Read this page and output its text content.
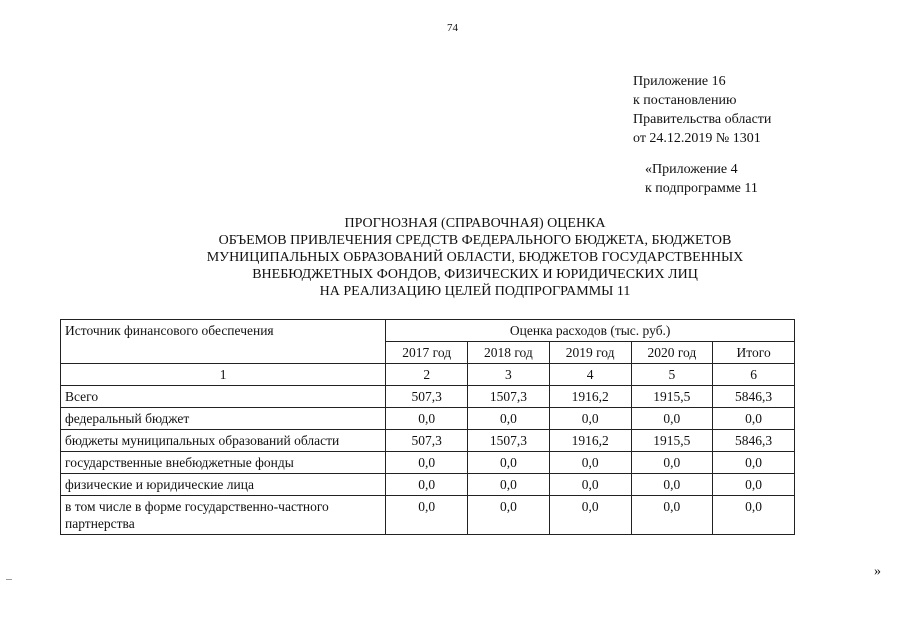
74
Приложение 16
к постановлению
Правительства области
от 24.12.2019 № 1301
«Приложение 4
к подпрограмме 11
ПРОГНОЗНАЯ (СПРАВОЧНАЯ) ОЦЕНКА
ОБЪЕМОВ ПРИВЛЕЧЕНИЯ СРЕДСТВ ФЕДЕРАЛЬНОГО БЮДЖЕТА, БЮДЖЕТОВ
МУНИЦИПАЛЬНЫХ ОБРАЗОВАНИЙ ОБЛАСТИ, БЮДЖЕТОВ ГОСУДАРСТВЕННЫХ
ВНЕБЮДЖЕТНЫХ ФОНДОВ, ФИЗИЧЕСКИХ И ЮРИДИЧЕСКИХ ЛИЦ
НА РЕАЛИЗАЦИЮ ЦЕЛЕЙ ПОДПРОГРАММЫ 11
Источник финансового обеспечения	Оценка расходов (тыс. руб.)				
	2017 год	2018 год	2019 год	2020 год	Итого
1	2	3	4	5	6
Всего	507,3	1507,3	1916,2	1915,5	5846,3
федеральный бюджет	0,0	0,0	0,0	0,0	0,0
бюджеты муниципальных образований области	507,3	1507,3	1916,2	1915,5	5846,3
государственные внебюджетные фонды	0,0	0,0	0,0	0,0	0,0
физические и юридические лица	0,0	0,0	0,0	0,0	0,0
в том числе в форме государственно-частного партнерства	0,0	0,0	0,0	0,0	0,0
»
